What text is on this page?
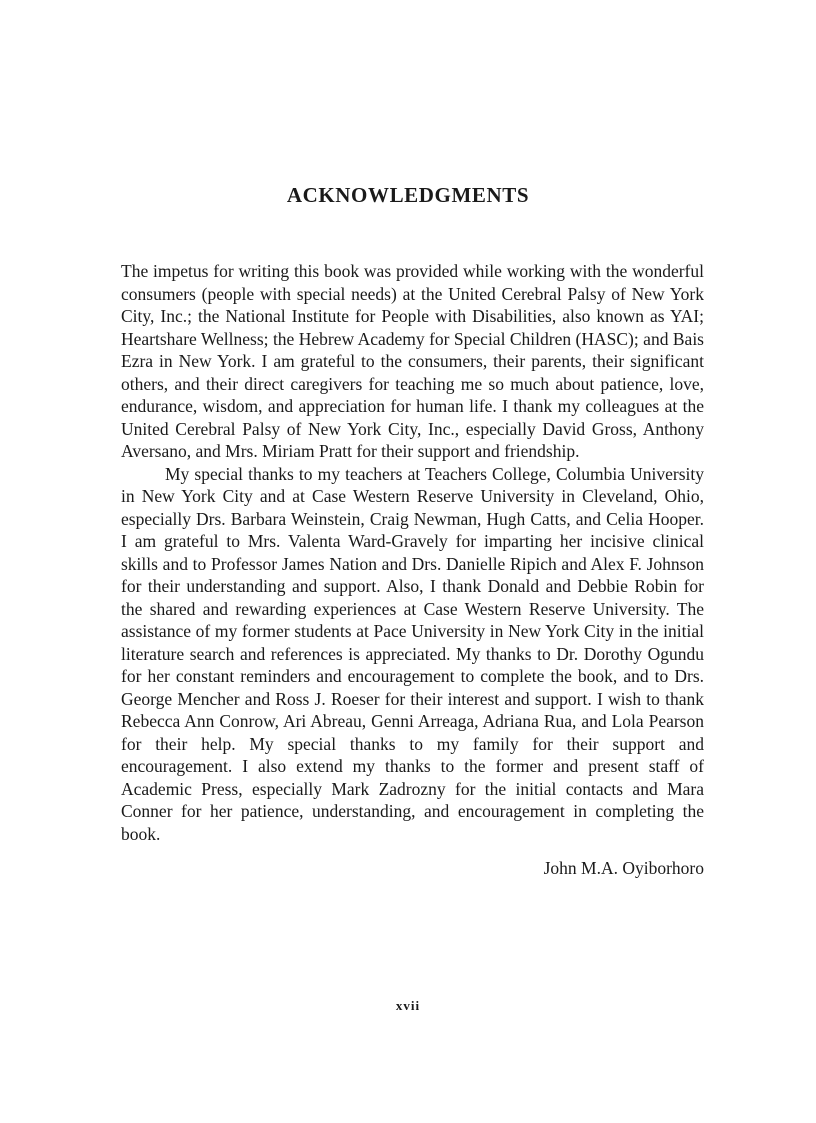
ACKNOWLEDGMENTS

The impetus for writing this book was provided while working with the wonderful consumers (people with special needs) at the United Cerebral Palsy of New York City, Inc.; the National Institute for People with Disabilities, also known as YAI; Heartshare Wellness; the Hebrew Academy for Special Children (HASC); and Bais Ezra in New York. I am grateful to the consumers, their parents, their significant others, and their direct caregivers for teaching me so much about patience, love, endurance, wisdom, and appreciation for human life. I thank my colleagues at the United Cerebral Palsy of New York City, Inc., especially David Gross, Anthony Aversano, and Mrs. Miriam Pratt for their support and friendship.

My special thanks to my teachers at Teachers College, Columbia University in New York City and at Case Western Reserve University in Cleveland, Ohio, especially Drs. Barbara Weinstein, Craig Newman, Hugh Catts, and Celia Hooper. I am grateful to Mrs. Valenta Ward-Gravely for imparting her incisive clinical skills and to Professor James Nation and Drs. Danielle Ripich and Alex F. Johnson for their understanding and support. Also, I thank Donald and Debbie Robin for the shared and rewarding experiences at Case Western Reserve University. The assistance of my former students at Pace University in New York City in the initial literature search and references is appreciated. My thanks to Dr. Dorothy Ogundu for her constant reminders and encouragement to complete the book, and to Drs. George Mencher and Ross J. Roeser for their interest and support. I wish to thank Rebecca Ann Conrow, Ari Abreau, Genni Arreaga, Adriana Rua, and Lola Pearson for their help. My special thanks to my family for their support and encouragement. I also extend my thanks to the former and present staff of Academic Press, especially Mark Zadrozny for the initial contacts and Mara Conner for her patience, understanding, and encouragement in completing the book.

John M.A. Oyiborhoro

xvii
